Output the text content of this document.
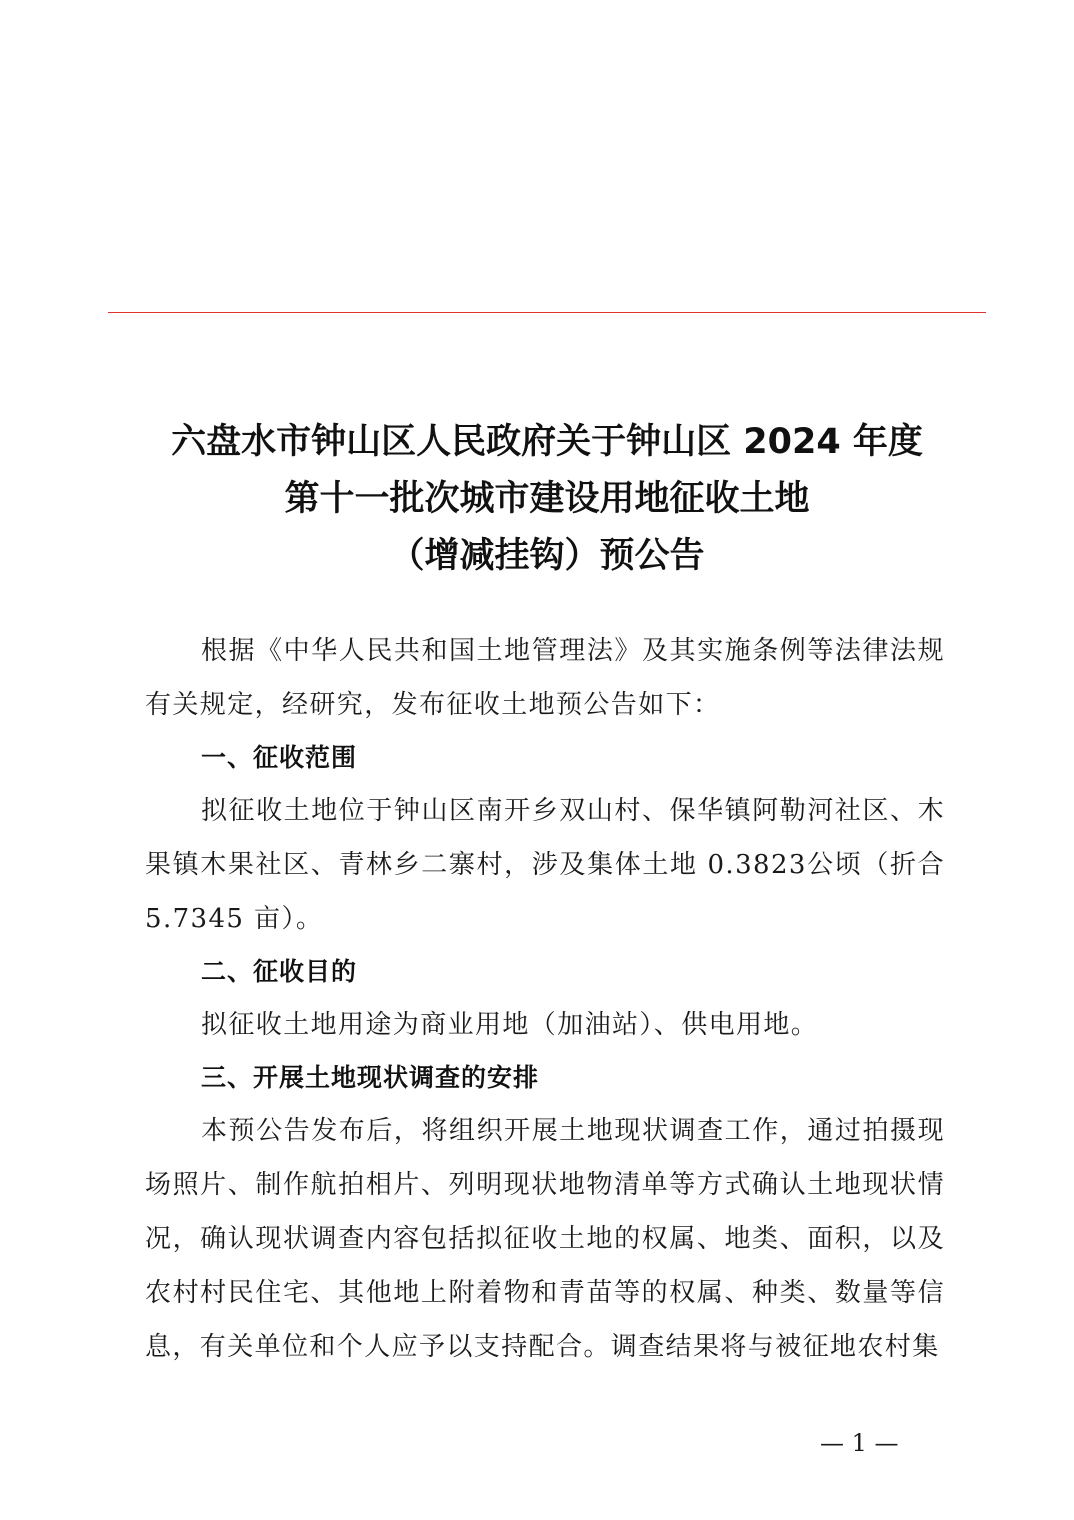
六盘水市钟山区人民政府关于钟山区 2024 年度
第十一批次城市建设用地征收土地
（增减挂钩）预公告

根据《中华人民共和国土地管理法》及其实施条例等法律法规有关规定，经研究，发布征收土地预公告如下：

一、征收范围

拟征收土地位于钟山区南开乡双山村、保华镇阿勒河社区、木果镇木果社区、青林乡二寨村，涉及集体土地 0.3823公顷（折合 5.7345 亩）。

二、征收目的

拟征收土地用途为商业用地（加油站）、供电用地。

三、开展土地现状调查的安排

本预公告发布后，将组织开展土地现状调查工作，通过拍摄现场照片、制作航拍相片、列明现状地物清单等方式确认土地现状情况，确认现状调查内容包括拟征收土地的权属、地类、面积，以及农村村民住宅、其他地上附着物和青苗等的权属、种类、数量等信息，有关单位和个人应予以支持配合。调查结果将与被征地农村集

— 1 —
